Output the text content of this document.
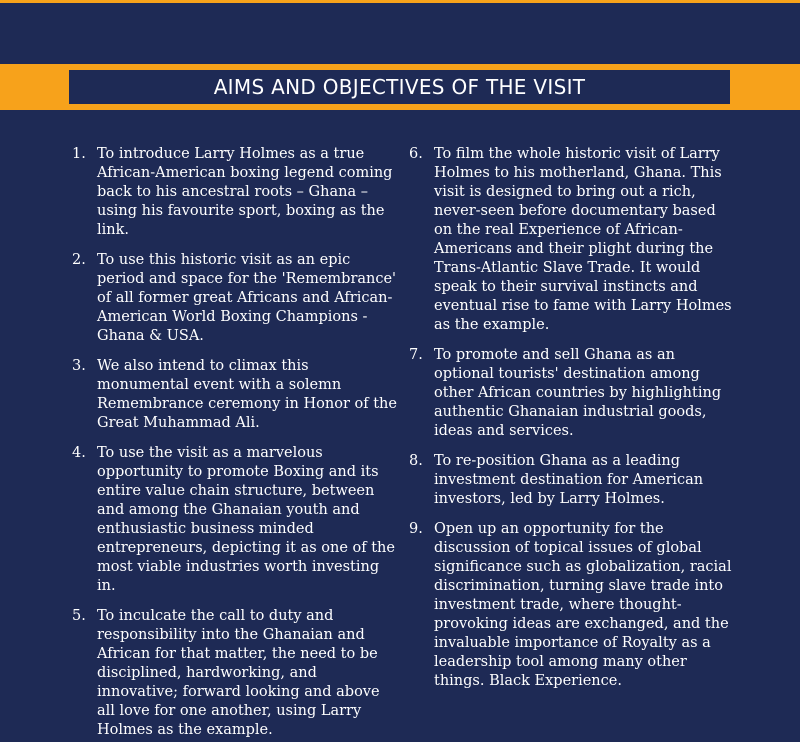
AIMS AND OBJECTIVES OF THE VISIT
1. To introduce Larry Holmes as a true African-American boxing legend coming back to his ancestral roots – Ghana – using his favourite sport, boxing as the link.
2. To use this historic visit as an epic period and space for the 'Remembrance' of all former great Africans and African-American World Boxing Champions - Ghana & USA.
3. We also intend to climax this monumental event with a solemn Remembrance ceremony in Honor of the Great Muhammad Ali.
4. To use the visit as a marvelous opportunity to promote Boxing and its entire value chain structure, between and among the Ghanaian youth and enthusiastic business minded entrepreneurs, depicting it as one of the most viable industries worth investing in.
5. To inculcate the call to duty and responsibility into the Ghanaian and African for that matter, the need to be disciplined, hardworking, and innovative; forward looking and above all love for one another, using Larry Holmes as the example.
6. To film the whole historic visit of Larry Holmes to his motherland, Ghana. This visit is designed to bring out a rich, never-seen before documentary based on the real Experience of African-Americans and their plight during the Trans-Atlantic Slave Trade. It would speak to their survival instincts and eventual rise to fame with Larry Holmes as the example.
7. To promote and sell Ghana as an optional tourists' destination among other African countries by highlighting authentic Ghanaian industrial goods, ideas and services.
8. To re-position Ghana as a leading investment destination for American investors, led by Larry Holmes.
9. Open up an opportunity for the discussion of topical issues of global significance such as globalization, racial discrimination, turning slave trade into investment trade, where thought-provoking ideas are exchanged, and the invaluable importance of Royalty as a leadership tool among many other things. Black Experience.
